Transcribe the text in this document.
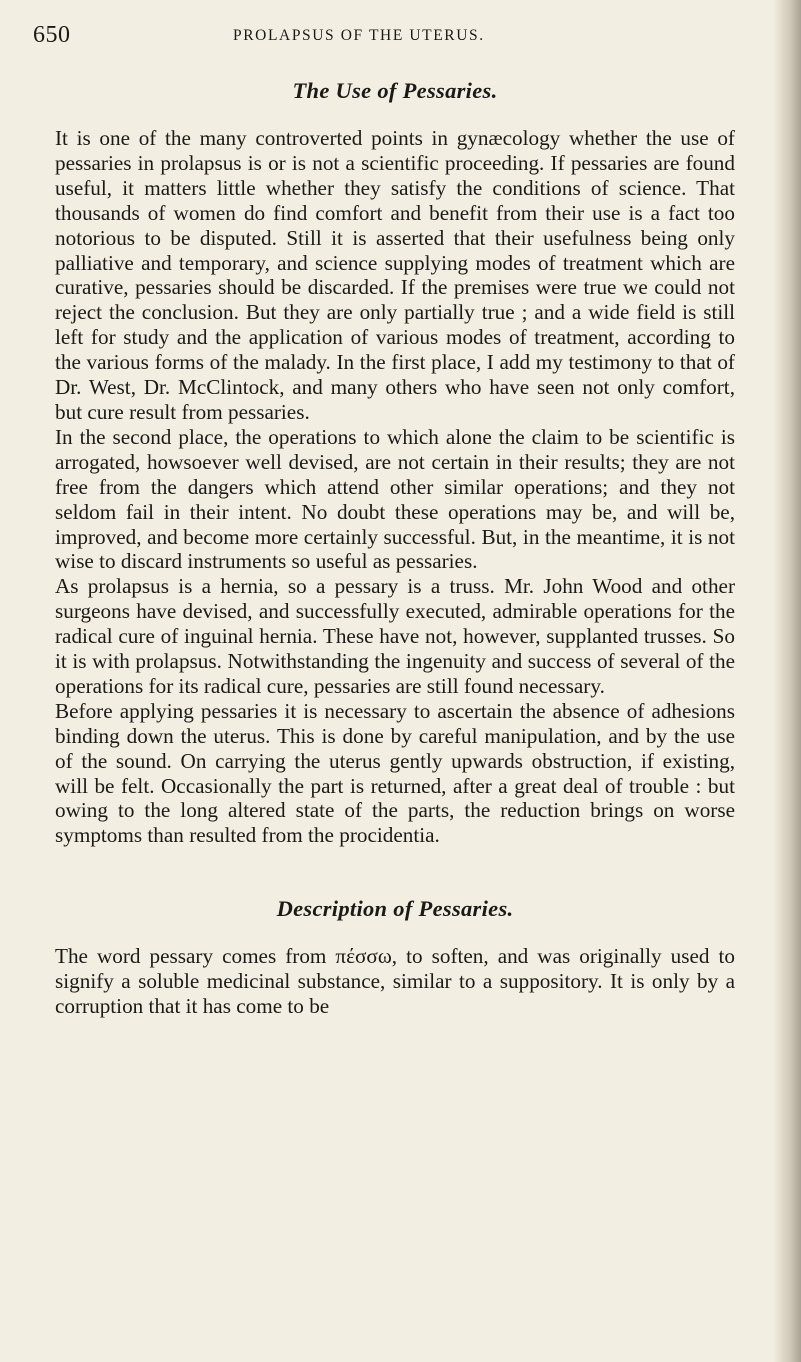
650	PROLAPSUS OF THE UTERUS.
The Use of Pessaries.

It is one of the many controverted points in gynæcology whether the use of pessaries in prolapsus is or is not a scientific proceeding. If pessaries are found useful, it matters little whether they satisfy the conditions of science. That thousands of women do find comfort and benefit from their use is a fact too notorious to be disputed. Still it is asserted that their usefulness being only palliative and temporary, and science supplying modes of treatment which are curative, pessaries should be discarded. If the premises were true we could not reject the conclusion. But they are only partially true ; and a wide field is still left for study and the application of various modes of treatment, according to the various forms of the malady. In the first place, I add my testimony to that of Dr. West, Dr. McClintock, and many others who have seen not only comfort, but cure result from pessaries.

In the second place, the operations to which alone the claim to be scientific is arrogated, howsoever well devised, are not certain in their results; they are not free from the dangers which attend other similar operations; and they not seldom fail in their intent. No doubt these operations may be, and will be, improved, and become more certainly successful. But, in the meantime, it is not wise to discard instruments so useful as pessaries.

As prolapsus is a hernia, so a pessary is a truss. Mr. John Wood and other surgeons have devised, and successfully executed, admirable operations for the radical cure of inguinal hernia. These have not, however, supplanted trusses. So it is with prolapsus. Notwithstanding the ingenuity and success of several of the operations for its radical cure, pessaries are still found necessary.

Before applying pessaries it is necessary to ascertain the absence of adhesions binding down the uterus. This is done by careful manipulation, and by the use of the sound. On carrying the uterus gently upwards obstruction, if existing, will be felt. Occasionally the part is returned, after a great deal of trouble : but owing to the long altered state of the parts, the reduction brings on worse symptoms than resulted from the procidentia.

Description of Pessaries.

The word pessary comes from πέσσω, to soften, and was originally used to signify a soluble medicinal substance, similar to a suppository. It is only by a corruption that it has come to be
